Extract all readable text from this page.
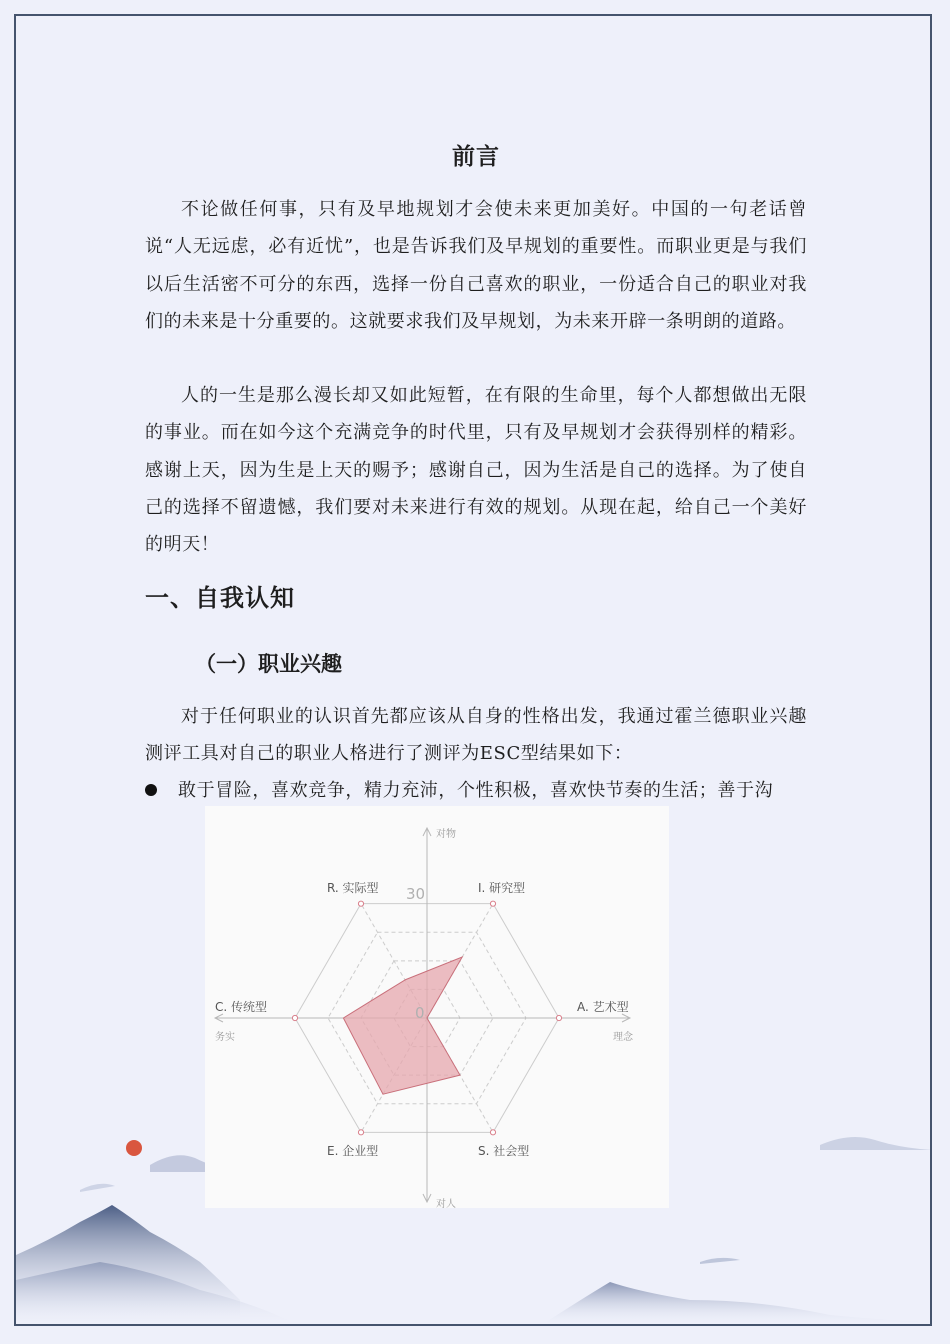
前言

不论做任何事，只有及早地规划才会使未来更加美好。中国的一句老话曾说“人无远虑，必有近忧”，也是告诉我们及早规划的重要性。而职业更是与我们以后生活密不可分的东西，选择一份自己喜欢的职业，一份适合自己的职业对我们的未来是十分重要的。这就要求我们及早规划，为未来开辟一条明朗的道路。

人的一生是那么漫长却又如此短暂，在有限的生命里，每个人都想做出无限的事业。而在如今这个充满竞争的时代里，只有及早规划才会获得别样的精彩。感谢上天，因为生是上天的赐予；感谢自己，因为生活是自己的选择。为了使自己的选择不留遗憾，我们要对未来进行有效的规划。从现在起，给自己一个美好的明天！

一、自我认知
（一）职业兴趣

对于任何职业的认识首先都应该从自身的性格出发，我通过霍兰德职业兴趣测评工具对自己的职业人格进行了测评为ESC型结果如下：

敢于冒险，喜欢竞争，精力充沛，个性积极，喜欢快节奏的生活；善于沟
30
0
R. 实际型	I. 研究型
A. 艺术型
S. 社会型
E. 企业型
C. 传统型
对物
对人
务实	理念
